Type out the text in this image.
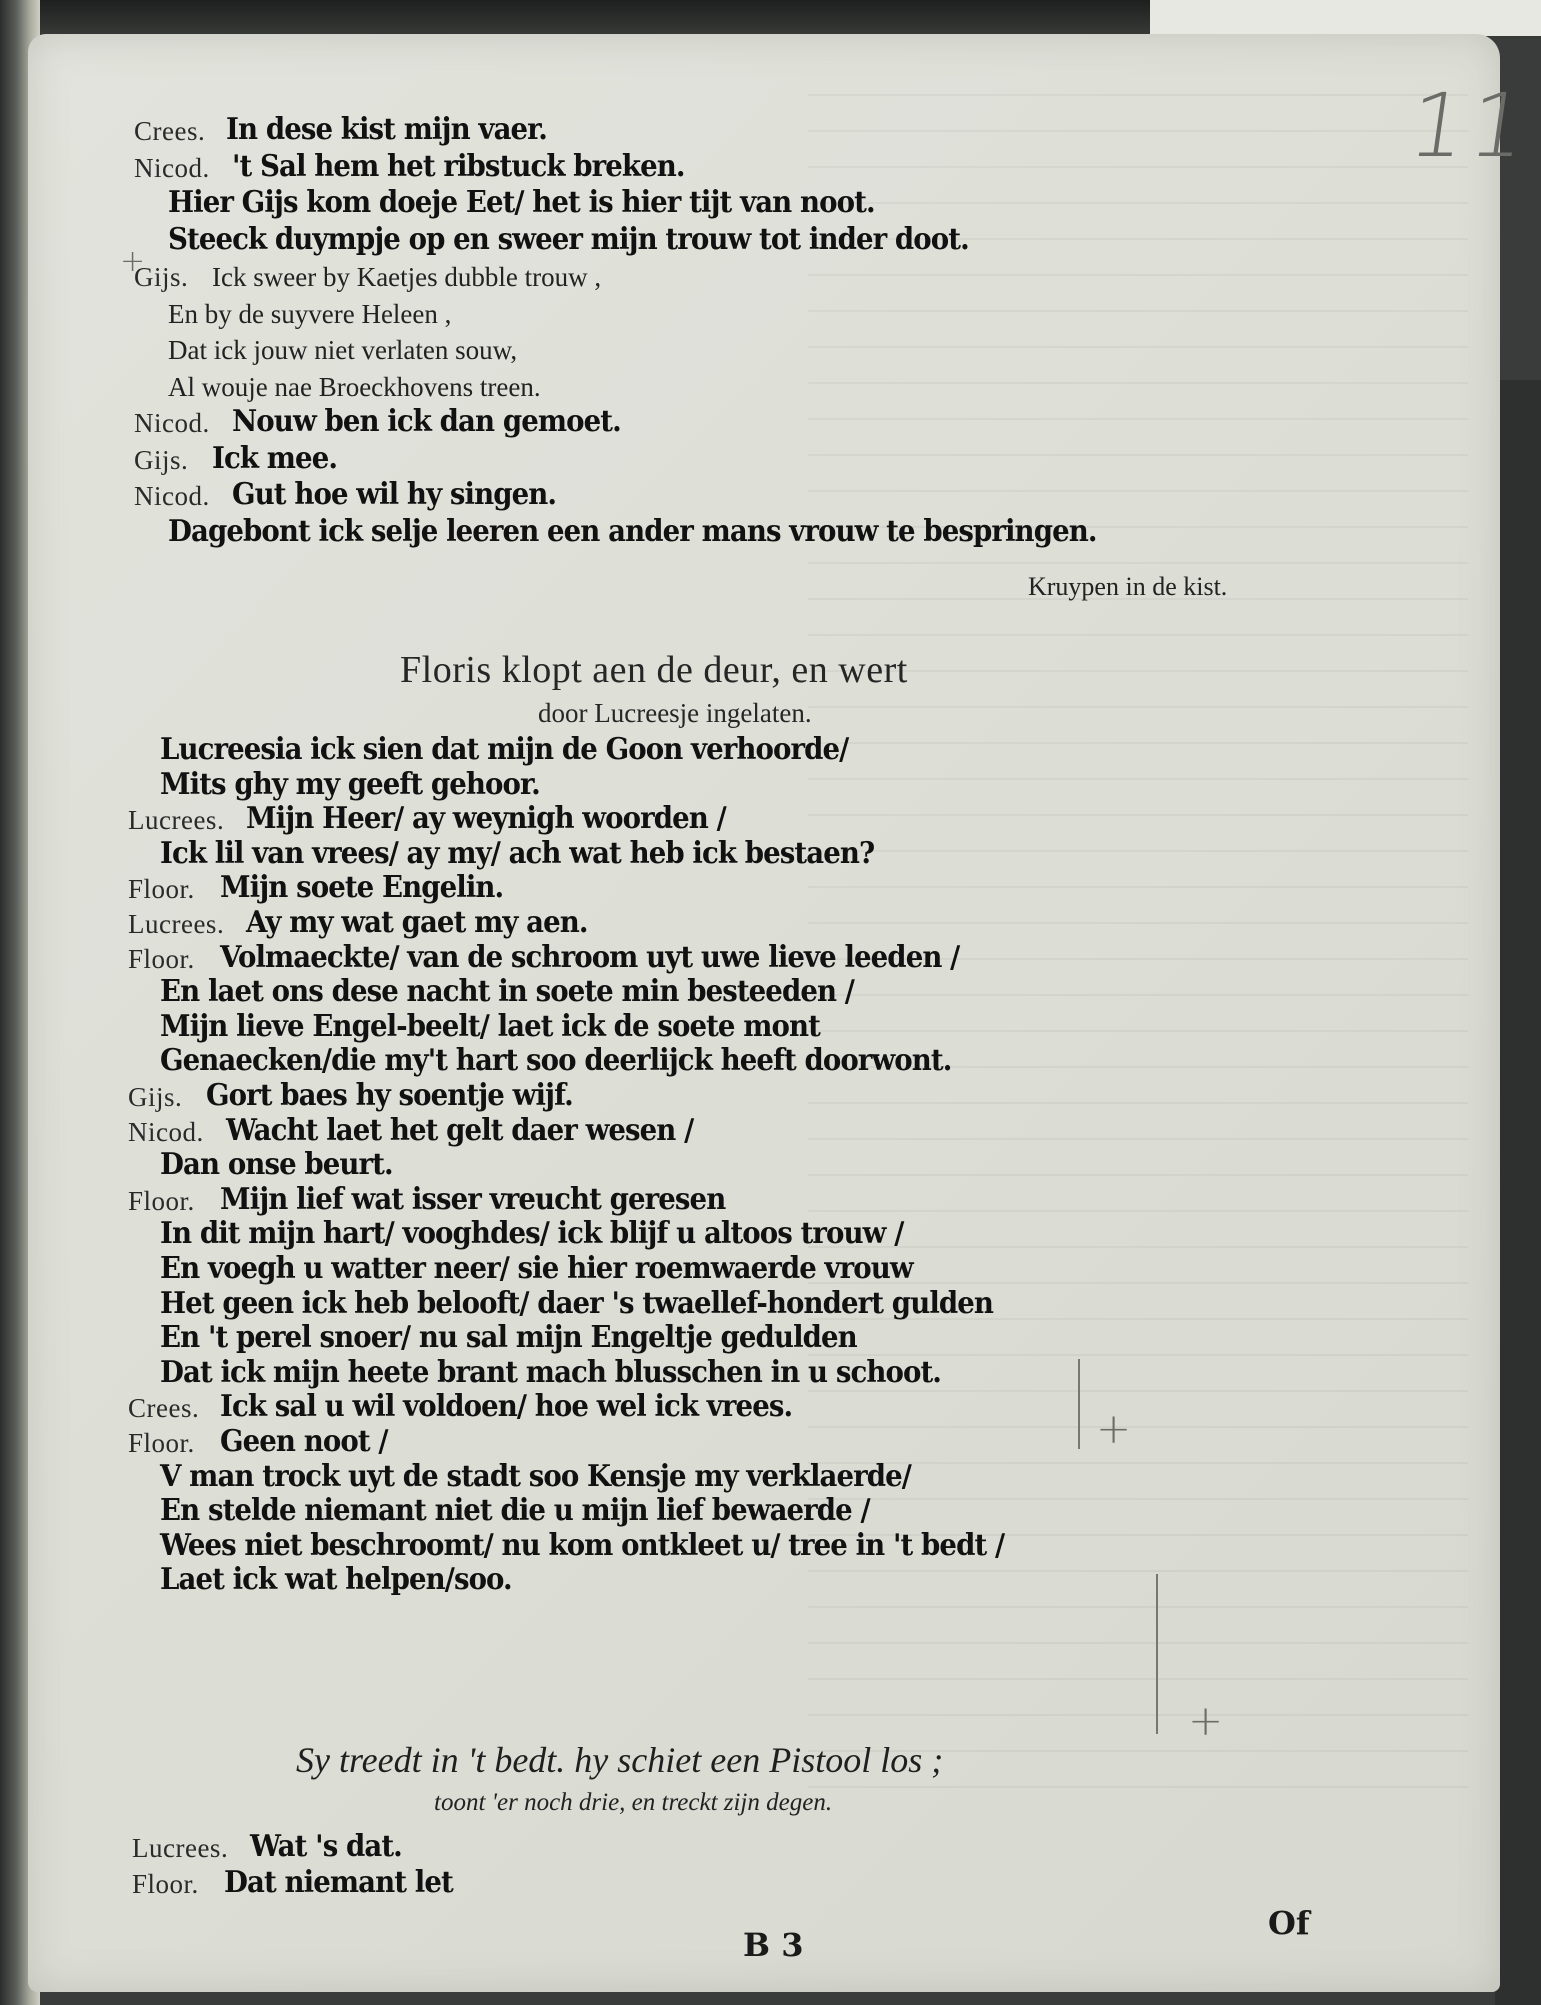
11
+
+
+
Crees. In dese kist mijn vaer.
Nicod. 't Sal hem het ribstuck breken.
Hier Gijs kom doeje Eet/ het is hier tijt van noot.
Steeck duympje op en sweer mijn trouw tot inder doot.
Gijs. Ick sweer by Kaetjes dubble trouw ,
En by de suyvere Heleen ,
Dat ick jouw niet verlaten souw,
Al wouje nae Broeckhovens treen.
Nicod. Nouw ben ick dan gemoet.
Gijs. Ick mee.
Nicod. Gut hoe wil hy singen.
Dagebont ick selje leeren een ander mans vrouw te bespringen.
Kruypen in de kist.
Floris klopt aen de deur, en wert
door Lucreesje ingelaten.
Lucreesia ick sien dat mijn de Goon verhoorde/
Mits ghy my geeft gehoor.
Lucrees. Mijn Heer/ ay weynigh woorden /
Ick lil van vrees/ ay my/ ach wat heb ick bestaen?
Floor. Mijn soete Engelin.
Lucrees. Ay my wat gaet my aen.
Floor. Volmaeckte/ van de schroom uyt uwe lieve leeden /
En laet ons dese nacht in soete min besteeden /
Mijn lieve Engel-beelt/ laet ick de soete mont
Genaecken/die my't hart soo deerlijck heeft doorwont.
Gijs. Gort baes hy soentje wijf.
Nicod. Wacht laet het gelt daer wesen /
Dan onse beurt.
Floor. Mijn lief wat isser vreucht geresen
In dit mijn hart/ vooghdes/ ick blijf u altoos trouw /
En voegh u watter neer/ sie hier roemwaerde vrouw
Het geen ick heb belooft/ daer 's twaellef-hondert gulden
En 't perel snoer/ nu sal mijn Engeltje gedulden
Dat ick mijn heete brant mach blusschen in u schoot.
Crees. Ick sal u wil voldoen/ hoe wel ick vrees.
Floor. Geen noot /
V man trock uyt de stadt soo Kensje my verklaerde/
En stelde niemant niet die u mijn lief bewaerde /
Wees niet beschroomt/ nu kom ontkleet u/ tree in 't bedt /
Laet ick wat helpen/soo.
Sy treedt in 't bedt. hy schiet een Pistool los ;
toont 'er noch drie, en treckt zijn degen.
Lucrees. Wat 's dat.
Floor. Dat niemant let
B 3
Of
